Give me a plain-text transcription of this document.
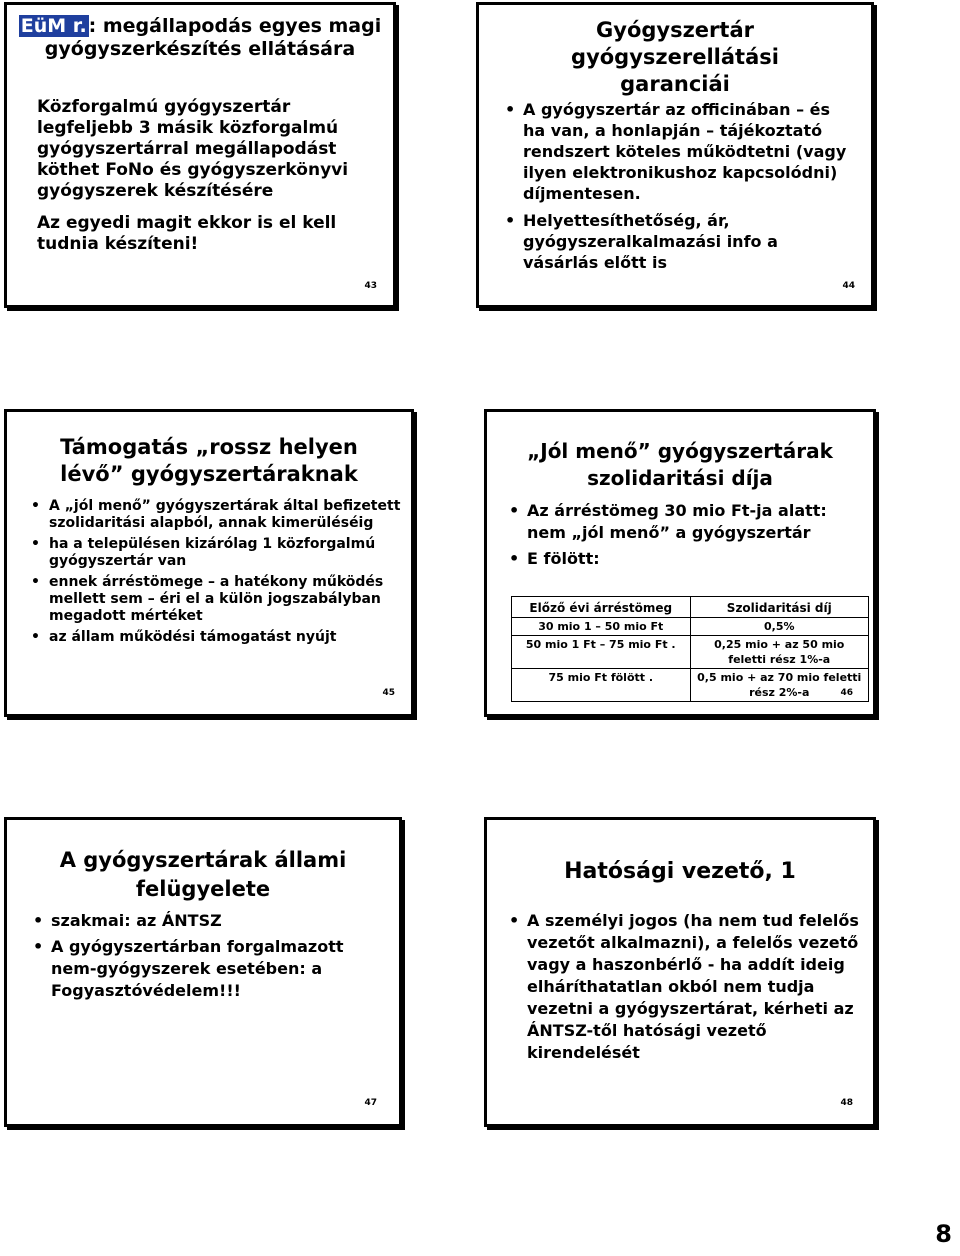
EüM r. : megállapodás egyes magi gyógyszerkészítés ellátására
Közforgalmú gyógyszertár legfeljebb 3 másik közforgalmú gyógyszertárral megállapodást köthet FoNo és gyógyszerkönyvi gyógyszerek készítésére
Az egyedi magit ekkor is el kell tudnia készíteni!
43
Gyógyszertár gyógyszerellátási garanciái
• A gyógyszertár az officinában – és ha van, a honlapján – tájékoztató rendszert köteles működtetni (vagy ilyen elektronikushoz kapcsolódni) díjmentesen.
• Helyettesíthetőség, ár, gyógyszeralkalmazási info a vásárlás előtt is
44
Támogatás „rossz helyen lévő” gyógyszertáraknak
• A „jól menő” gyógyszertárak által befizetett szolidaritási alapból, annak kimerüléséig
• ha a településen kizárólag 1 közforgalmú gyógyszertár van
• ennek árréstömege – a hatékony működés mellett sem – éri el a külön jogszabályban megadott mértéket
• az állam működési támogatást nyújt
45
„Jól menő” gyógyszertárak szolidaritási díja
• Az árréstömeg 30 mio Ft-ja alatt: nem „jól menő” a gyógyszertár
• E fölött:
Előző évi árréstömeg	Szolidaritási díj
30 mio 1 – 50 mio Ft	0,5%
50 mio 1 Ft – 75 mio Ft .	0,25 mio + az 50 mio feletti rész 1%-a
75 mio Ft fölött .	0,5 mio + az 70 mio feletti rész 2%-a	46
A gyógyszertárak állami felügyelete
• szakmai: az ÁNTSZ
• A gyógyszertárban forgalmazott nem-gyógyszerek esetében: a Fogyasztóvédelem!!!
47
Hatósági vezető, 1
• A személyi jogos (ha nem tud felelős vezetőt alkalmazni), a felelős vezető vagy a haszonbérlő - ha addít ideig elháríthatatlan okból nem tudja vezetni a gyógyszertárat, kérheti az ÁNTSZ-től hatósági vezető kirendelését
48
8
